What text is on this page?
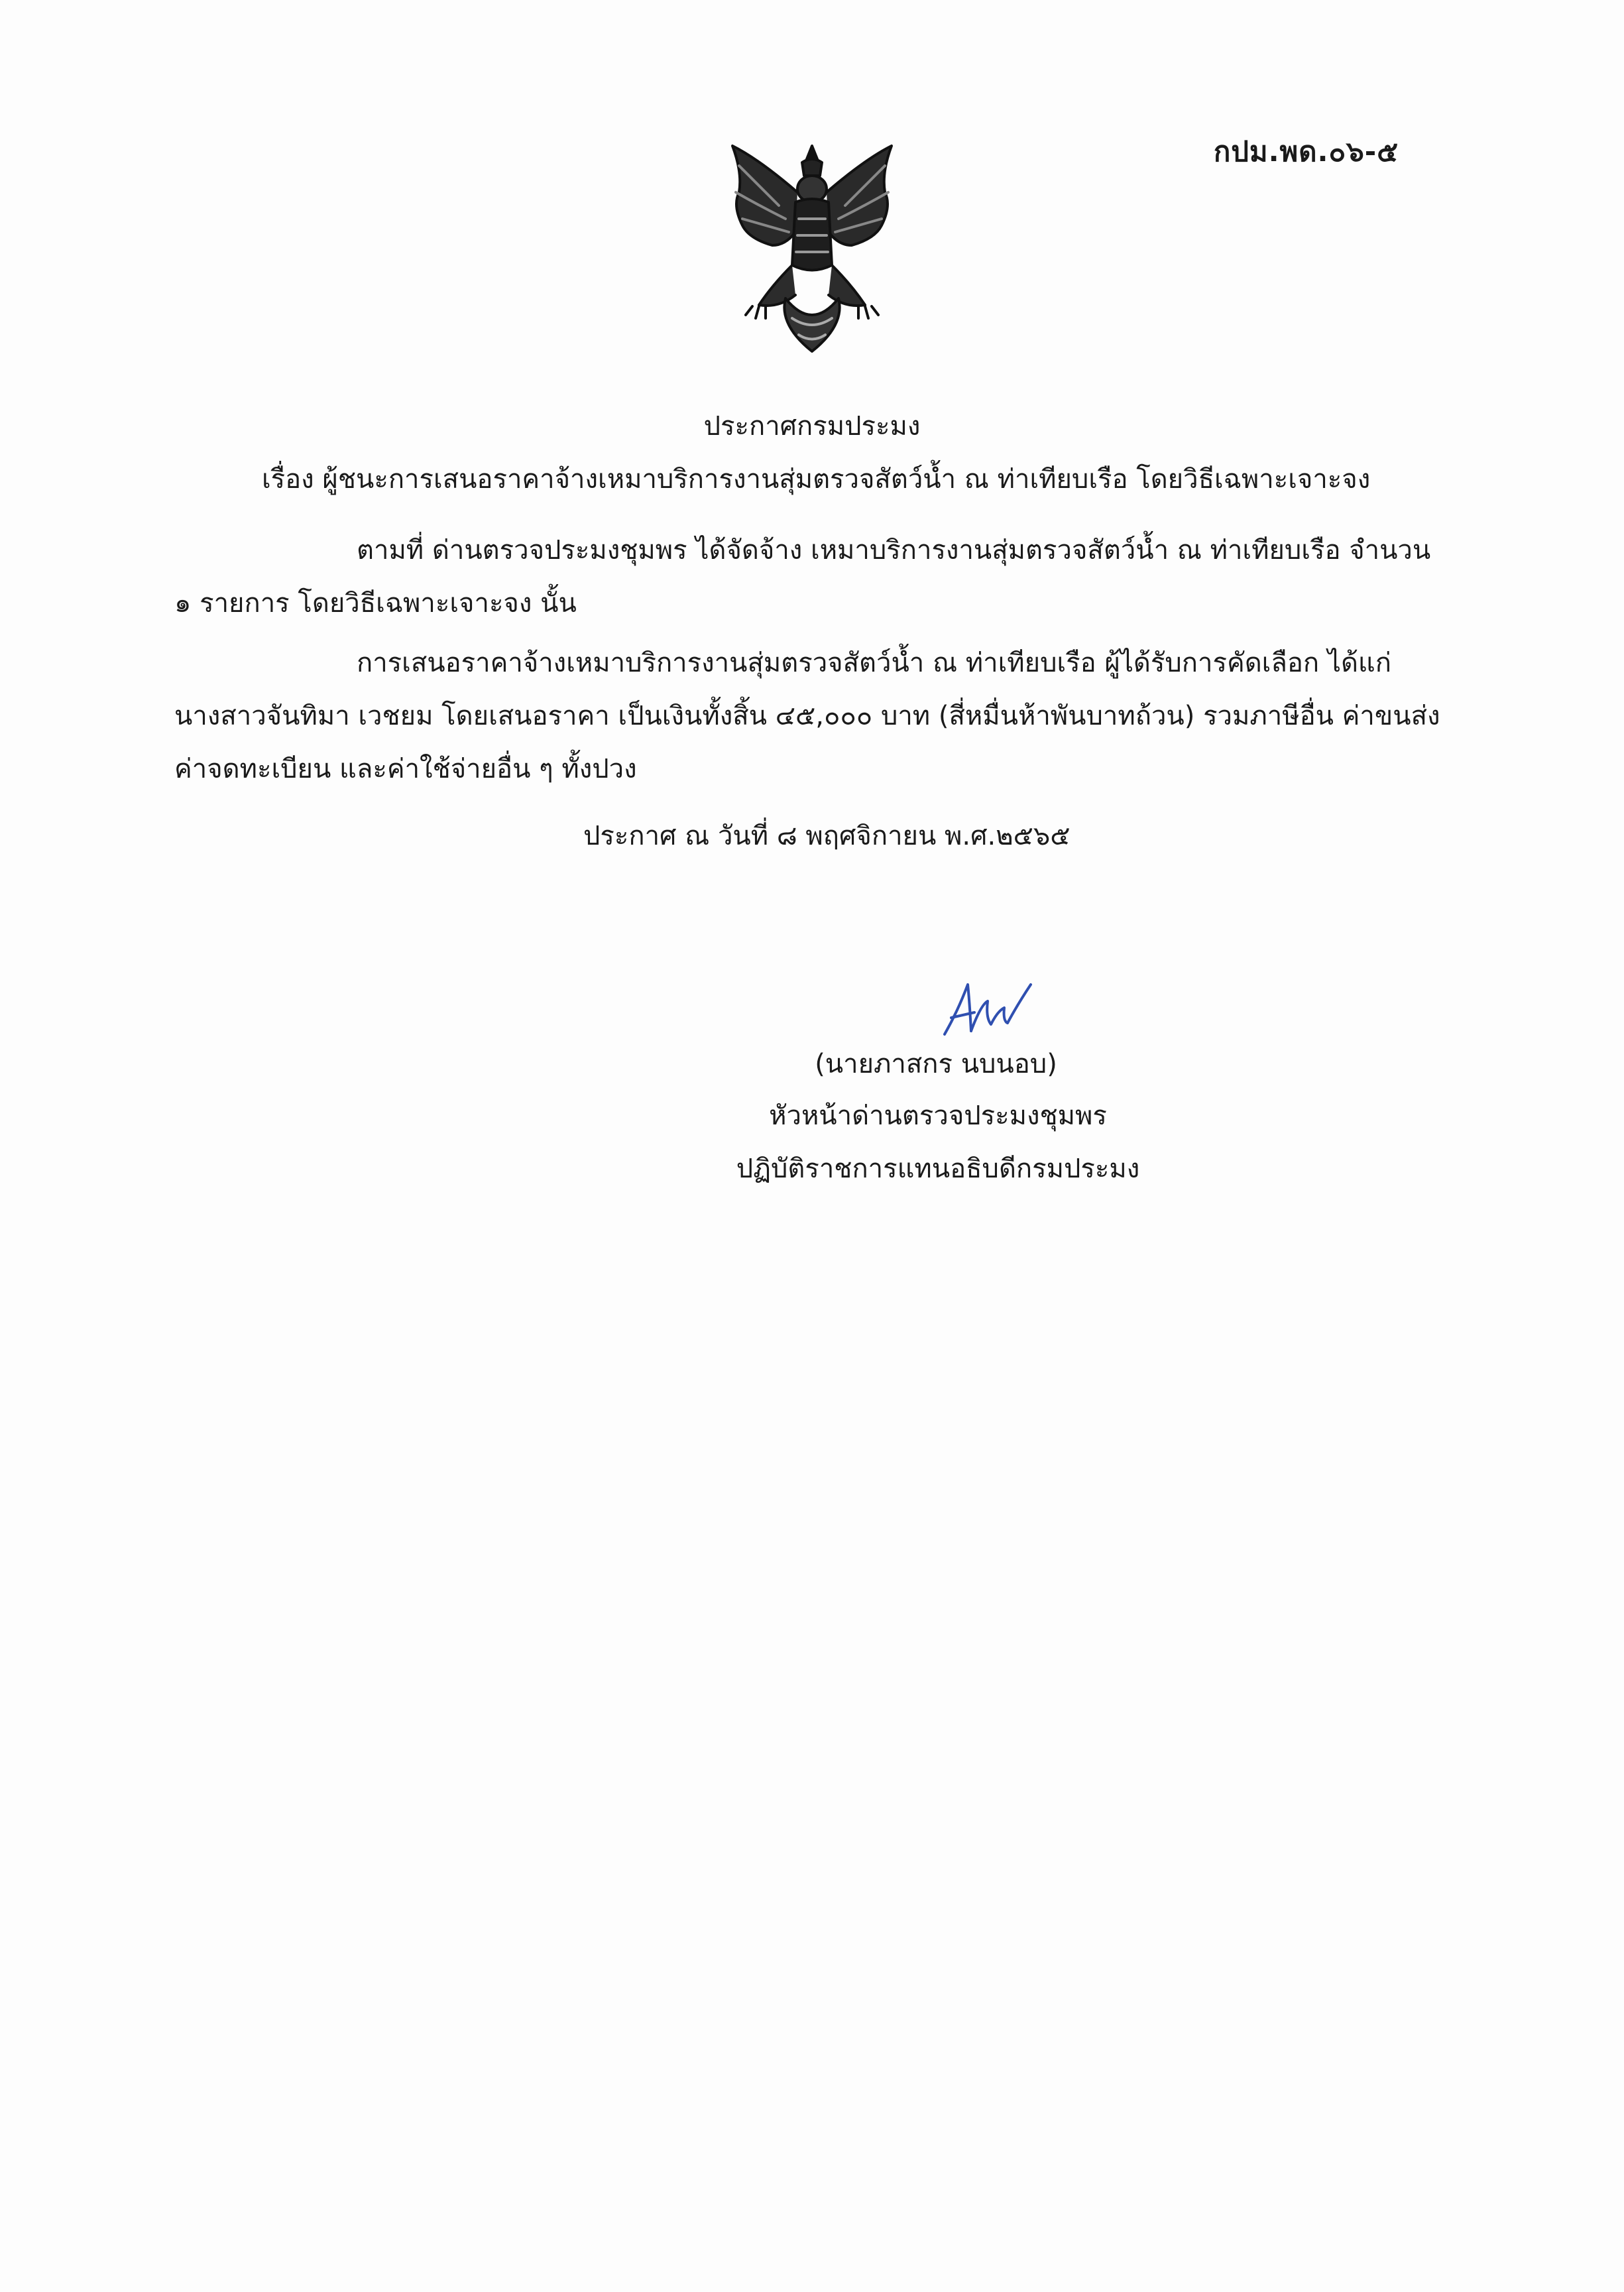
กปม.พด.๐๖-๕
ประกาศกรมประมง
เรื่อง ผู้ชนะการเสนอราคาจ้างเหมาบริการงานสุ่มตรวจสัตว์น้ำ ณ ท่าเทียบเรือ โดยวิธีเฉพาะเจาะจง
ตามที่ ด่านตรวจประมงชุมพร ได้จัดจ้าง เหมาบริการงานสุ่มตรวจสัตว์น้ำ ณ ท่าเทียบเรือ จำนวน ๑ รายการ โดยวิธีเฉพาะเจาะจง นั้น
การเสนอราคาจ้างเหมาบริการงานสุ่มตรวจสัตว์น้ำ ณ ท่าเทียบเรือ ผู้ได้รับการคัดเลือก ได้แก่ นางสาวจันทิมา เวชยม โดยเสนอราคา เป็นเงินทั้งสิ้น ๔๕,๐๐๐ บาท (สี่หมื่นห้าพันบาทถ้วน) รวมภาษีอื่น ค่าขนส่ง ค่าจดทะเบียน และค่าใช้จ่ายอื่น ๆ ทั้งปวง
ประกาศ ณ วันที่ ๘ พฤศจิกายน พ.ศ.๒๕๖๕
(นายภาสกร นบนอบ)
หัวหน้าด่านตรวจประมงชุมพร
ปฏิบัติราชการแทนอธิบดีกรมประมง
